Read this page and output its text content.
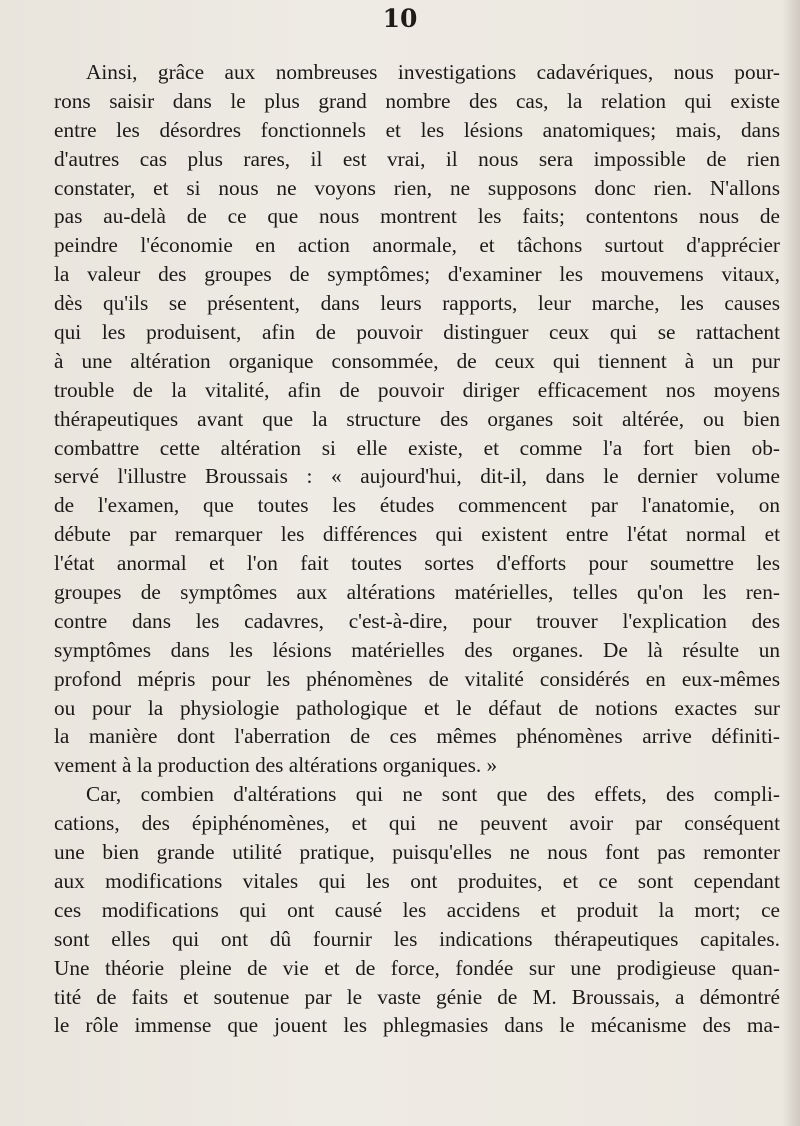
10
Ainsi, grâce aux nombreuses investigations cadavériques, nous pour-
rons saisir dans le plus grand nombre des cas, la relation qui existe
entre les désordres fonctionnels et les lésions anatomiques; mais, dans
d'autres cas plus rares, il est vrai, il nous sera impossible de rien
constater, et si nous ne voyons rien, ne supposons donc rien. N'allons
pas au-delà de ce que nous montrent les faits; contentons nous de
peindre l'économie en action anormale, et tâchons surtout d'apprécier
la valeur des groupes de symptômes; d'examiner les mouvemens vitaux,
dès qu'ils se présentent, dans leurs rapports, leur marche, les causes
qui les produisent, afin de pouvoir distinguer ceux qui se rattachent
à une altération organique consommée, de ceux qui tiennent à un pur
trouble de la vitalité, afin de pouvoir diriger efficacement nos moyens
thérapeutiques avant que la structure des organes soit altérée, ou bien
combattre cette altération si elle existe, et comme l'a fort bien ob-
servé l'illustre Broussais : « aujourd'hui, dit-il, dans le dernier volume
de l'examen, que toutes les études commencent par l'anatomie, on
débute par remarquer les différences qui existent entre l'état normal et
l'état anormal et l'on fait toutes sortes d'efforts pour soumettre les
groupes de symptômes aux altérations matérielles, telles qu'on les ren-
contre dans les cadavres, c'est-à-dire, pour trouver l'explication des
symptômes dans les lésions matérielles des organes. De là résulte un
profond mépris pour les phénomènes de vitalité considérés en eux-mêmes
ou pour la physiologie pathologique et le défaut de notions exactes sur
la manière dont l'aberration de ces mêmes phénomènes arrive définiti-
vement à la production des altérations organiques. »
Car, combien d'altérations qui ne sont que des effets, des compli-
cations, des épiphénomènes, et qui ne peuvent avoir par conséquent
une bien grande utilité pratique, puisqu'elles ne nous font pas remonter
aux modifications vitales qui les ont produites, et ce sont cependant
ces modifications qui ont causé les accidens et produit la mort; ce
sont elles qui ont dû fournir les indications thérapeutiques capitales.
Une théorie pleine de vie et de force, fondée sur une prodigieuse quan-
tité de faits et soutenue par le vaste génie de M. Broussais, a démontré
le rôle immense que jouent les phlegmasies dans le mécanisme des ma-
